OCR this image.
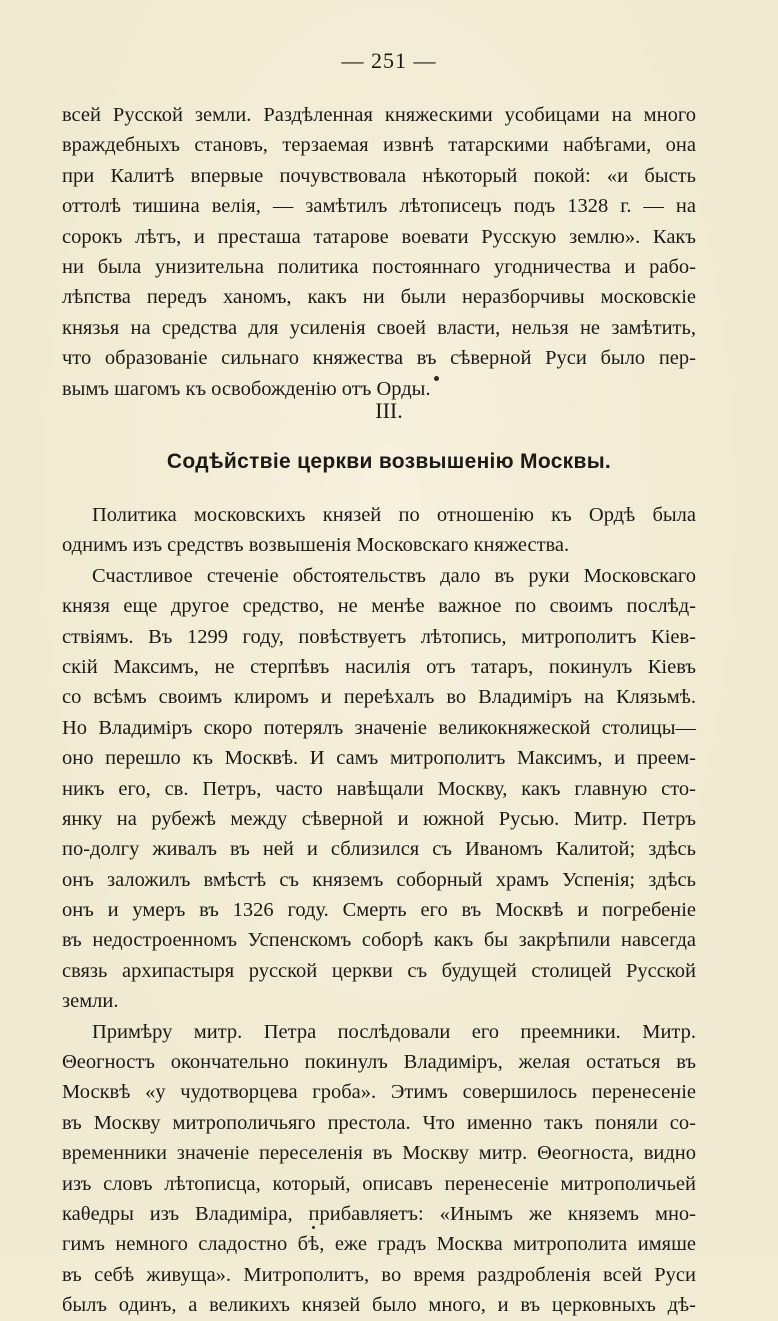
— 251 —
всей Русской земли. Раздѣленная княжескими усобицами на много
враждебныхъ становъ, терзаемая извнѣ татарскими набѣгами, она
при Калитѣ впервые почувствовала нѣкоторый покой: «и бысть
оттолѣ тишина велія, — замѣтилъ лѣтописецъ подъ 1328 г. — на
сорокъ лѣтъ, и престаша татарове воевати Русскую землю». Какъ
ни была унизительна политика постояннаго угодничества и рабо-
лѣпства передъ ханомъ, какъ ни были неразборчивы московскіе
князья на средства для усиленія своей власти, нельзя не замѣтить,
что образованіе сильнаго княжества въ сѣверной Руси было пер-
вымъ шагомъ къ освобожденію отъ Орды.
III.
Содѣйствіе церкви возвышенію Москвы.
Политика московскихъ князей по отношенію къ Ордѣ была
однимъ изъ средствъ возвышенія Московскаго княжества.
Счастливое стеченіе обстоятельствъ дало въ руки Московскаго
князя еще другое средство, не менѣе важное по своимъ послѣд-
ствіямъ. Въ 1299 году, повѣствуетъ лѣтопись, митрополитъ Кіев-
скій Максимъ, не стерпѣвъ насилія отъ татаръ, покинулъ Кіевъ
со всѣмъ своимъ клиромъ и переѣхалъ во Владиміръ на Клязьмѣ.
Но Владиміръ скоро потерялъ значеніе великокняжеской столицы—
оно перешло къ Москвѣ. И самъ митрополитъ Максимъ, и преем-
никъ его, св. Петръ, часто навѣщали Москву, какъ главную сто-
янку на рубежѣ между сѣверной и южной Русью. Митр. Петръ
по-долгу живалъ въ ней и сблизился съ Иваномъ Калитой; здѣсь
онъ заложилъ вмѣстѣ съ княземъ соборный храмъ Успенія; здѣсь
онъ и умеръ въ 1326 году. Смерть его въ Москвѣ и погребеніе
въ недостроенномъ Успенскомъ соборѣ какъ бы закрѣпили навсегда
связь архипастыря русской церкви съ будущей столицей Русской
земли.
Примѣру митр. Петра послѣдовали его преемники. Митр.
Θеогностъ окончательно покинулъ Владиміръ, желая остаться въ
Москвѣ «у чудотворцева гроба». Этимъ совершилось перенесеніе
въ Москву митрополичьяго престола. Что именно такъ поняли со-
временники значеніе переселенія въ Москву митр. Θеогноста, видно
изъ словъ лѣтописца, который, описавъ перенесеніе митрополичьей
каθедры изъ Владиміра, прибавляетъ: «Инымъ же княземъ мно-
гимъ немного сладостно бѣ, еже градъ Москва митрополита имяше
въ себѣ живуща». Митрополитъ, во время раздробленія всей Руси
былъ одинъ, а великихъ князей было много, и въ церковныхъ дѣ-
